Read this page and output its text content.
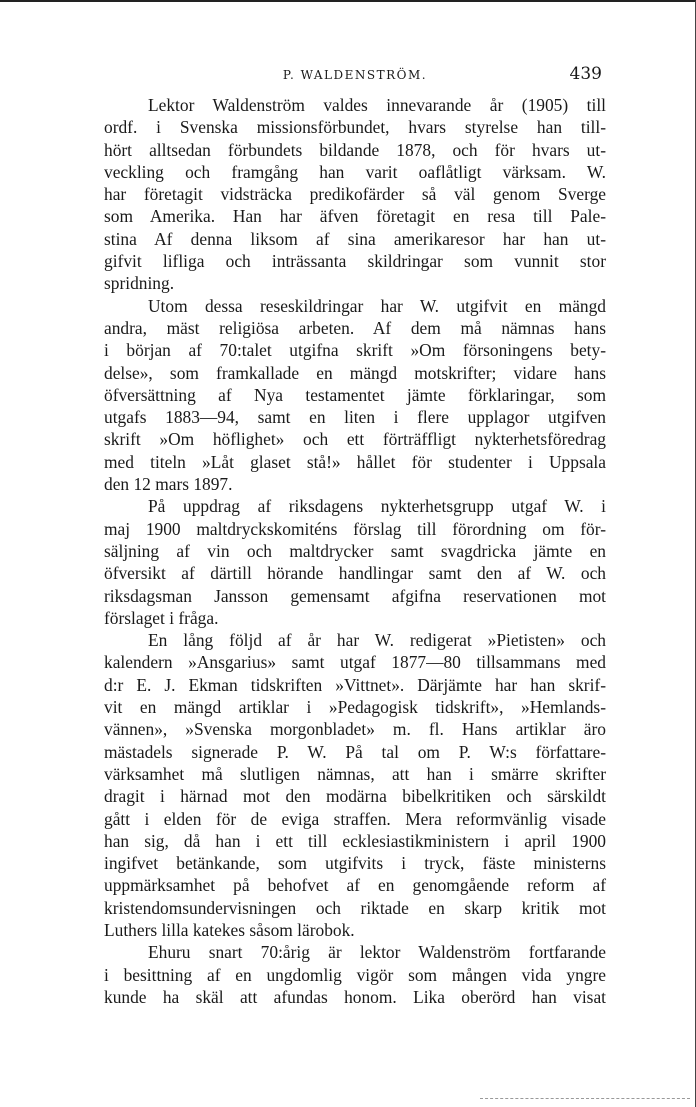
P. WALDENSTRÖM.	439
Lektor Waldenström valdes innevarande år (1905) till
ordf. i Svenska missionsförbundet, hvars styrelse han till-
hört alltsedan förbundets bildande 1878, och för hvars ut-
veckling och framgång han varit oaflåtligt värksam. W.
har företagit vidsträcka predikofärder så väl genom Sverge
som Amerika. Han har äfven företagit en resa till Pale-
stina Af denna liksom af sina amerikaresor har han ut-
gifvit lifliga och inträssanta skildringar som vunnit stor
spridning.
Utom dessa reseskildringar har W. utgifvit en mängd
andra, mäst religiösa arbeten. Af dem må nämnas hans
i början af 70:talet utgifna skrift »Om försoningens bety-
delse», som framkallade en mängd motskrifter; vidare hans
öfversättning af Nya testamentet jämte förklaringar, som
utgafs 1883—94, samt en liten i flere upplagor utgifven
skrift »Om höflighet» och ett förträffligt nykterhetsföredrag
med titeln »Låt glaset stå!» hållet för studenter i Uppsala
den 12 mars 1897.
På uppdrag af riksdagens nykterhetsgrupp utgaf W. i
maj 1900 maltdryckskomiténs förslag till förordning om för-
säljning af vin och maltdrycker samt svagdricka jämte en
öfversikt af därtill hörande handlingar samt den af W. och
riksdagsman Jansson gemensamt afgifna reservationen mot
förslaget i fråga.
En lång följd af år har W. redigerat »Pietisten» och
kalendern »Ansgarius» samt utgaf 1877—80 tillsammans med
d:r E. J. Ekman tidskriften »Vittnet». Därjämte har han skrif-
vit en mängd artiklar i »Pedagogisk tidskrift», »Hemlands-
vännen», »Svenska morgonbladet» m. fl. Hans artiklar äro
mästadels signerade P. W. På tal om P. W:s författare-
värksamhet må slutligen nämnas, att han i smärre skrifter
dragit i härnad mot den modärna bibelkritiken och särskildt
gått i elden för de eviga straffen. Mera reformvänlig visade
han sig, då han i ett till ecklesiastikministern i april 1900
ingifvet betänkande, som utgifvits i tryck, fäste ministerns
uppmärksamhet på behofvet af en genomgående reform af
kristendomsundervisningen och riktade en skarp kritik mot
Luthers lilla katekes såsom lärobok.
Ehuru snart 70:årig är lektor Waldenström fortfarande
i besittning af en ungdomlig vigör som mången vida yngre
kunde ha skäl att afundas honom. Lika oberörd han visat
